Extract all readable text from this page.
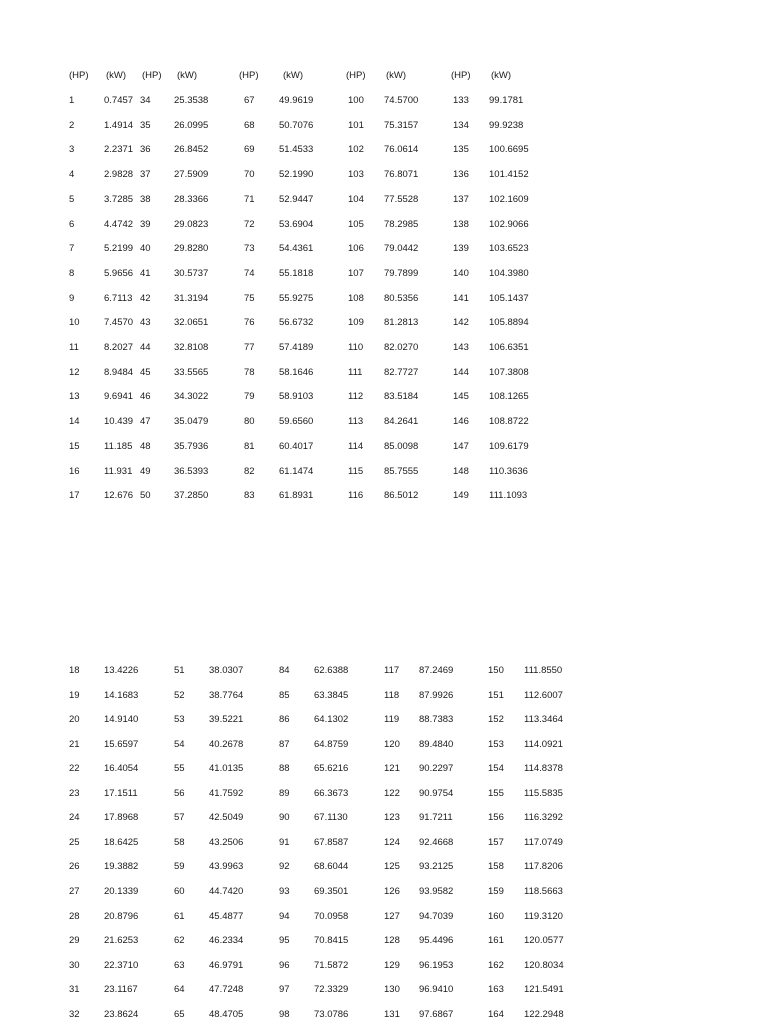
(HP) (kW) (HP) (kW)	(HP)	(kW)	(HP) (kW)	(HP) (kW)
1	0.7457 34 25.3538	67	49.9619	100 74.5700	133 99.1781
2	1.4914 35 26.0995	68	50.7076	101 75.3157	134 99.9238
3	2.2371 36 26.8452	69	51.4533	102 76.0614	135 100.6695
4	2.9828 37 27.5909	70	52.1990	103 76.8071	136 101.4152
5	3.7285 38 28.3366	71	52.9447	104 77.5528	137 102.1609
6	4.4742 39 29.0823	72	53.6904	105 78.2985	138 102.9066
7	5.2199 40 29.8280	73	54.4361	106 79.0442	139 103.6523
8	5.9656 41 30.5737	74	55.1818	107 79.7899	140 104.3980
9	6.7113 42 31.3194	75	55.9275	108 80.5356	141 105.1437
10	7.4570 43 32.0651	76	56.6732	109 81.2813	142 105.8894
11	8.2027 44 32.8108	77	57.4189	110 82.0270	143 106.6351
12	8.9484 45 33.5565	78	58.1646	111 82.7727	144 107.3808
13	9.6941 46 34.3022	79	58.9103	112 83.5184	145 108.1265
14	10.439 47 35.0479	80	59.6560	113 84.2641	146 108.8722
15	11.185 48 35.7936	81	60.4017	114 85.0098	147 109.6179
16	11.931 49 36.5393	82	61.1474	115 85.7555	148 110.3636
17	12.676 50 37.2850	83	61.8931	116 86.5012	149 111.1093
18	13.4226	51	38.0307	84	62.6388	117 87.2469	150 111.8550
19	14.1683	52	38.7764	85	63.3845	118 87.9926	151 112.6007
20	14.9140	53	39.5221	86	64.1302	119 88.7383	152 113.3464
21	15.6597	54	40.2678	87	64.8759	120 89.4840	153 114.0921
22	16.4054	55	41.0135	88	65.6216	121 90.2297	154 114.8378
23	17.1511	56	41.7592	89	66.3673	122 90.9754	155 115.5835
24	17.8968	57	42.5049	90	67.1130	123 91.7211	156 116.3292
25	18.6425	58	43.2506	91	67.8587	124 92.4668	157 117.0749
26	19.3882	59	43.9963	92	68.6044	125 93.2125	158 117.8206
27	20.1339	60	44.7420	93	69.3501	126 93.9582	159 118.5663
28	20.8796	61	45.4877	94	70.0958	127 94.7039	160 119.3120
29	21.6253	62	46.2334	95	70.8415	128 95.4496	161 120.0577
30	22.3710	63	46.9791	96	71.5872	129 96.1953	162 120.8034
31	23.1167	64	47.7248	97	72.3329	130 96.9410	163 121.5491
32	23.8624	65	48.4705	98	73.0786	131 97.6867	164 122.2948
